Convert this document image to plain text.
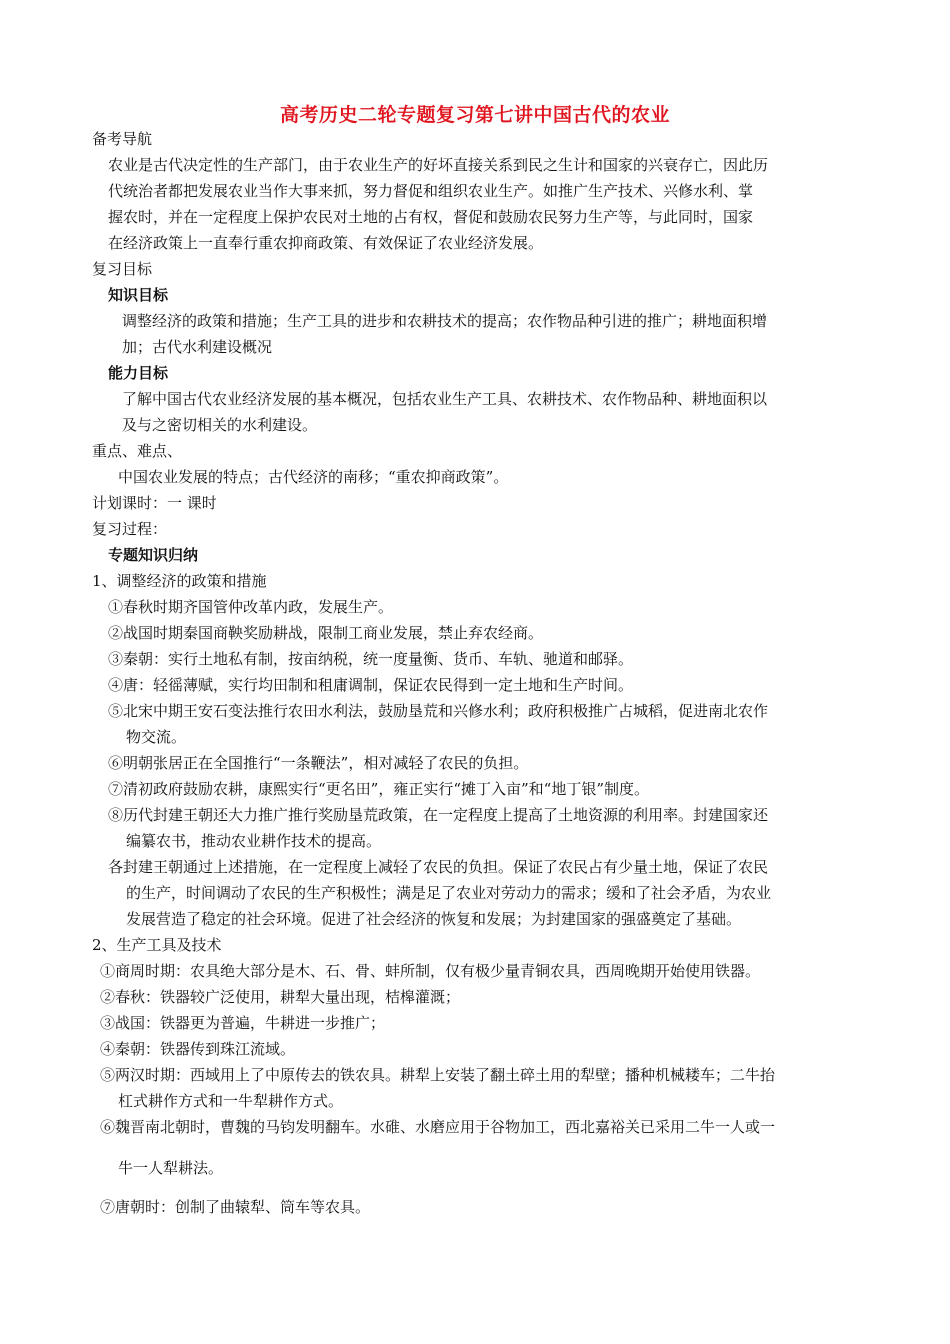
高考历史二轮专题复习第七讲中国古代的农业
备考导航
农业是古代决定性的生产部门，由于农业生产的好坏直接关系到民之生计和国家的兴衰存亡，因此历
代统治者都把发展农业当作大事来抓，努力督促和组织农业生产。如推广生产技术、兴修水利、掌
握农时，并在一定程度上保护农民对土地的占有权，督促和鼓励农民努力生产等，与此同时，国家
在经济政策上一直奉行重农抑商政策、有效保证了农业经济发展。
复习目标
知识目标
调整经济的政策和措施；生产工具的进步和农耕技术的提高；农作物品种引进的推广；耕地面积增
加；古代水利建设概况
能力目标
了解中国古代农业经济发展的基本概况，包括农业生产工具、农耕技术、农作物品种、耕地面积以
及与之密切相关的水利建设。
重点、难点、
中国农业发展的特点；古代经济的南移；“重农抑商政策”。
计划课时：一 课时
复习过程：
专题知识归纳
1、调整经济的政策和措施
①春秋时期齐国管仲改革内政，发展生产。
②战国时期秦国商鞅奖励耕战，限制工商业发展，禁止弃农经商。
③秦朝：实行土地私有制，按亩纳税，统一度量衡、货币、车轨、驰道和邮驿。
④唐：轻徭薄赋，实行均田制和租庸调制，保证农民得到一定土地和生产时间。
⑤北宋中期王安石变法推行农田水利法，鼓励垦荒和兴修水利；政府积极推广占城稻，促进南北农作
物交流。
⑥明朝张居正在全国推行“一条鞭法”，相对减轻了农民的负担。
⑦清初政府鼓励农耕，康熙实行“更名田”，雍正实行“摊丁入亩”和“地丁银”制度。
⑧历代封建王朝还大力推广推行奖励垦荒政策，在一定程度上提高了土地资源的利用率。封建国家还
编纂农书，推动农业耕作技术的提高。
各封建王朝通过上述措施，在一定程度上减轻了农民的负担。保证了农民占有少量土地，保证了农民
的生产，时间调动了农民的生产积极性；满是足了农业对劳动力的需求；缓和了社会矛盾，为农业
发展营造了稳定的社会环境。促进了社会经济的恢复和发展；为封建国家的强盛奠定了基础。
2、生产工具及技术
①商周时期：农具绝大部分是木、石、骨、蚌所制，仅有极少量青铜农具，西周晚期开始使用铁器。
②春秋：铁器较广泛使用，耕犁大量出现，桔槔灌溉；
③战国：铁器更为普遍，牛耕进一步推广；
④秦朝：铁器传到珠江流域。
⑤两汉时期：西域用上了中原传去的铁农具。耕犁上安装了翻土碎土用的犁壁；播种机械耧车；二牛抬
杠式耕作方式和一牛犁耕作方式。
⑥魏晋南北朝时，曹魏的马钧发明翻车。水碓、水磨应用于谷物加工，西北嘉裕关已采用二牛一人或一
牛一人犁耕法。
⑦唐朝时：创制了曲辕犁、筒车等农具。
